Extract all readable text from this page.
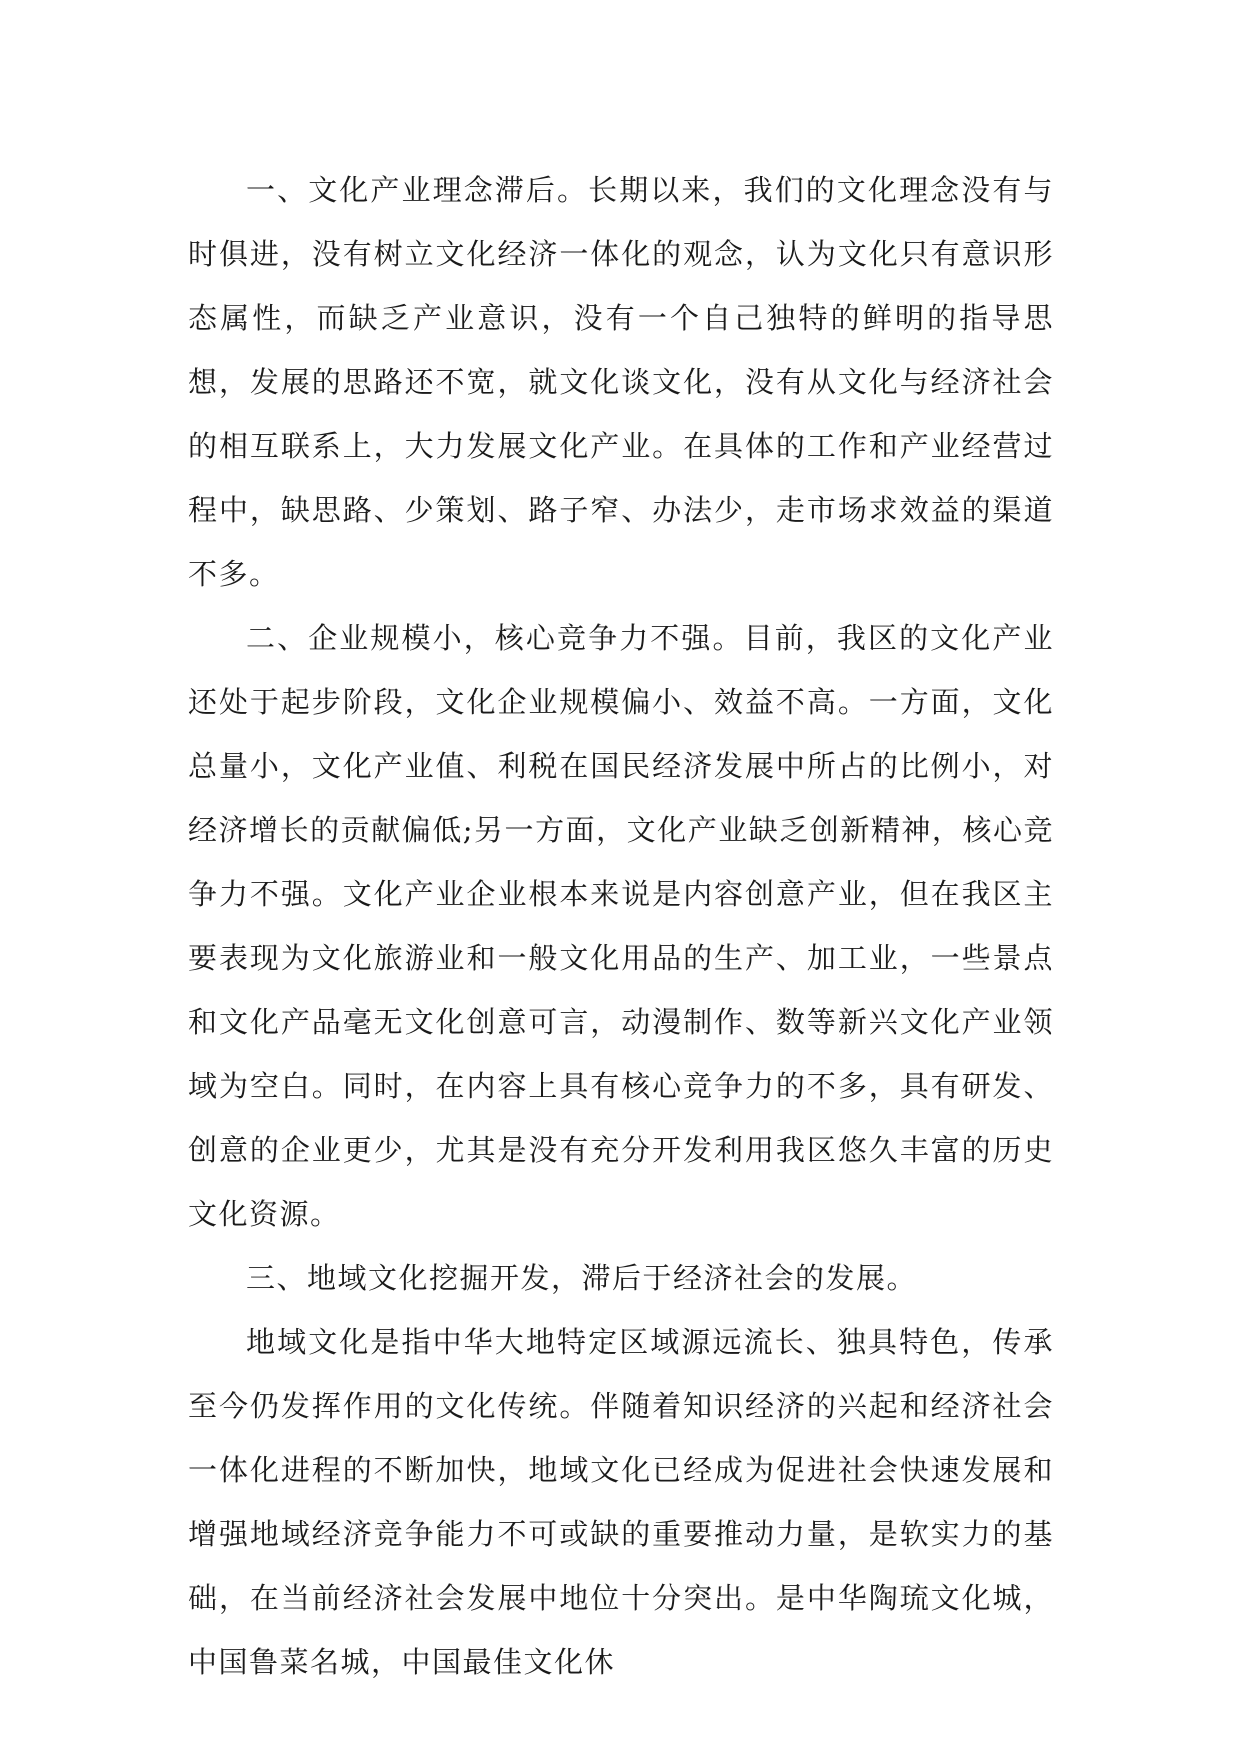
一、文化产业理念滞后。长期以来，我们的文化理念没有与时俱进，没有树立文化经济一体化的观念，认为文化只有意识形态属性，而缺乏产业意识，没有一个自己独特的鲜明的指导思想，发展的思路还不宽，就文化谈文化，没有从文化与经济社会的相互联系上，大力发展文化产业。在具体的工作和产业经营过程中，缺思路、少策划、路子窄、办法少，走市场求效益的渠道不多。

二、企业规模小，核心竞争力不强。目前，我区的文化产业还处于起步阶段，文化企业规模偏小、效益不高。一方面，文化总量小，文化产业值、利税在国民经济发展中所占的比例小，对经济增长的贡献偏低;另一方面，文化产业缺乏创新精神，核心竞争力不强。文化产业企业根本来说是内容创意产业，但在我区主要表现为文化旅游业和一般文化用品的生产、加工业，一些景点和文化产品毫无文化创意可言，动漫制作、数等新兴文化产业领域为空白。同时，在内容上具有核心竞争力的不多，具有研发、创意的企业更少，尤其是没有充分开发利用我区悠久丰富的历史文化资源。

三、地域文化挖掘开发，滞后于经济社会的发展。

地域文化是指中华大地特定区域源远流长、独具特色，传承至今仍发挥作用的文化传统。伴随着知识经济的兴起和经济社会一体化进程的不断加快，地域文化已经成为促进社会快速发展和增强地域经济竞争能力不可或缺的重要推动力量，是软实力的基础，在当前经济社会发展中地位十分突出。是中华陶琉文化城，中国鲁菜名城，中国最佳文化休
